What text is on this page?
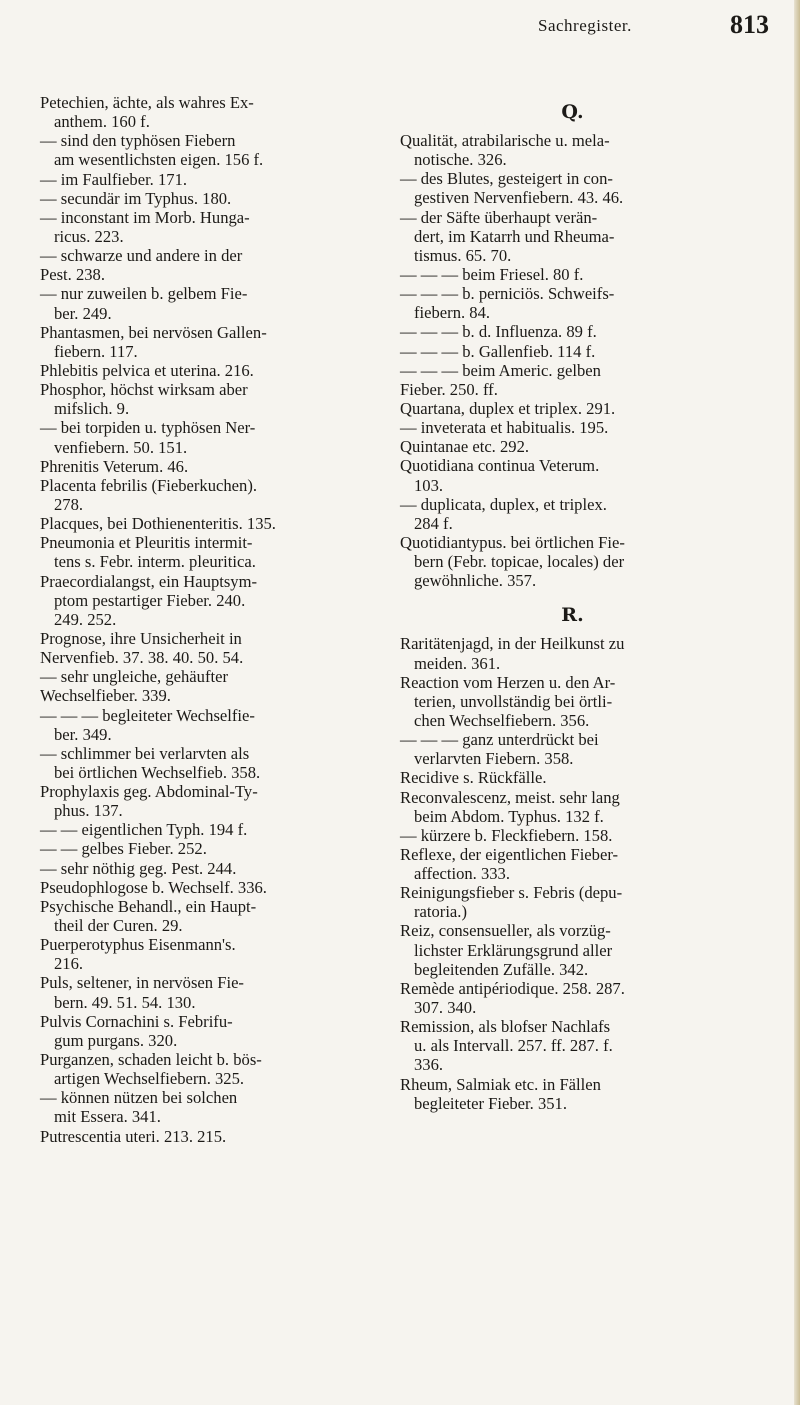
Sachregister.	813
Petechien, ächte, als wahres Ex-
anthem. 160 f.
— sind den typhösen Fiebern
am wesentlichsten eigen. 156 f.
— im Faulfieber. 171.
— secundär im Typhus. 180.
— inconstant im Morb. Hunga-
ricus. 223.
— schwarze und andere in der
Pest. 238.
— nur zuweilen b. gelbem Fie-
ber. 249.
Phantasmen, bei nervösen Gallen-
fiebern. 117.
Phlebitis pelvica et uterina. 216.
Phosphor, höchst wirksam aber
mifslich. 9.
— bei torpiden u. typhösen Ner-
venfiebern. 50. 151.
Phrenitis Veterum. 46.
Placenta febrilis (Fieberkuchen).
278.
Placques, bei Dothienenteritis. 135.
Pneumonia et Pleuritis intermit-
tens s. Febr. interm. pleuritica.
Praecordialangst, ein Hauptsym-
ptom pestartiger Fieber. 240.
249. 252.
Prognose, ihre Unsicherheit in
Nervenfieb. 37. 38. 40. 50. 54.
— sehr ungleiche, gehäufter
Wechselfieber. 339.
— — — begleiteter Wechselfie-
ber. 349.
— schlimmer bei verlarvten als
bei örtlichen Wechselfieb. 358.
Prophylaxis geg. Abdominal-Ty-
phus. 137.
— — eigentlichen Typh. 194 f.
— — gelbes Fieber. 252.
— sehr nöthig geg. Pest. 244.
Pseudophlogose b. Wechself. 336.
Psychische Behandl., ein Haupt-
theil der Curen. 29.
Puerperotyphus Eisenmann's.
216.
Puls, seltener, in nervösen Fie-
bern. 49. 51. 54. 130.
Pulvis Cornachini s. Febrifu-
gum purgans. 320.
Purganzen, schaden leicht b. bös-
artigen Wechselfiebern. 325.
— können nützen bei solchen
mit Essera. 341.
Putrescentia uteri. 213. 215.
Q.
Qualität, atrabilarische u. mela-
notische. 326.
— des Blutes, gesteigert in con-
gestiven Nervenfiebern. 43. 46.
— der Säfte überhaupt verän-
dert, im Katarrh und Rheuma-
tismus. 65. 70.
— — — beim Friesel. 80 f.
— — — b. perniciös. Schweifs-
fiebern. 84.
— — — b. d. Influenza. 89 f.
— — — b. Gallenfieb. 114 f.
— — — beim Americ. gelben
Fieber. 250. ff.
Quartana, duplex et triplex. 291.
— inveterata et habitualis. 195.
Quintanae etc. 292.
Quotidiana continua Veterum.
103.
— duplicata, duplex, et triplex.
284 f.
Quotidiantypus. bei örtlichen Fie-
bern (Febr. topicae, locales) der
gewöhnliche. 357.
R.
Raritätenjagd, in der Heilkunst zu
meiden. 361.
Reaction vom Herzen u. den Ar-
terien, unvollständig bei örtli-
chen Wechselfiebern. 356.
— — — ganz unterdrückt bei
verlarvten Fiebern. 358.
Recidive s. Rückfälle.
Reconvalescenz, meist. sehr lang
beim Abdom. Typhus. 132 f.
— kürzere b. Fleckfiebern. 158.
Reflexe, der eigentlichen Fieber-
affection. 333.
Reinigungsfieber s. Febris (depu-
ratoria.)
Reiz, consensueller, als vorzüg-
lichster Erklärungsgrund aller
begleitenden Zufälle. 342.
Remède antipériodique. 258. 287.
307. 340.
Remission, als blofser Nachlafs
u. als Intervall. 257. ff. 287. f.
336.
Rheum, Salmiak etc. in Fällen
begleiteter Fieber. 351.
